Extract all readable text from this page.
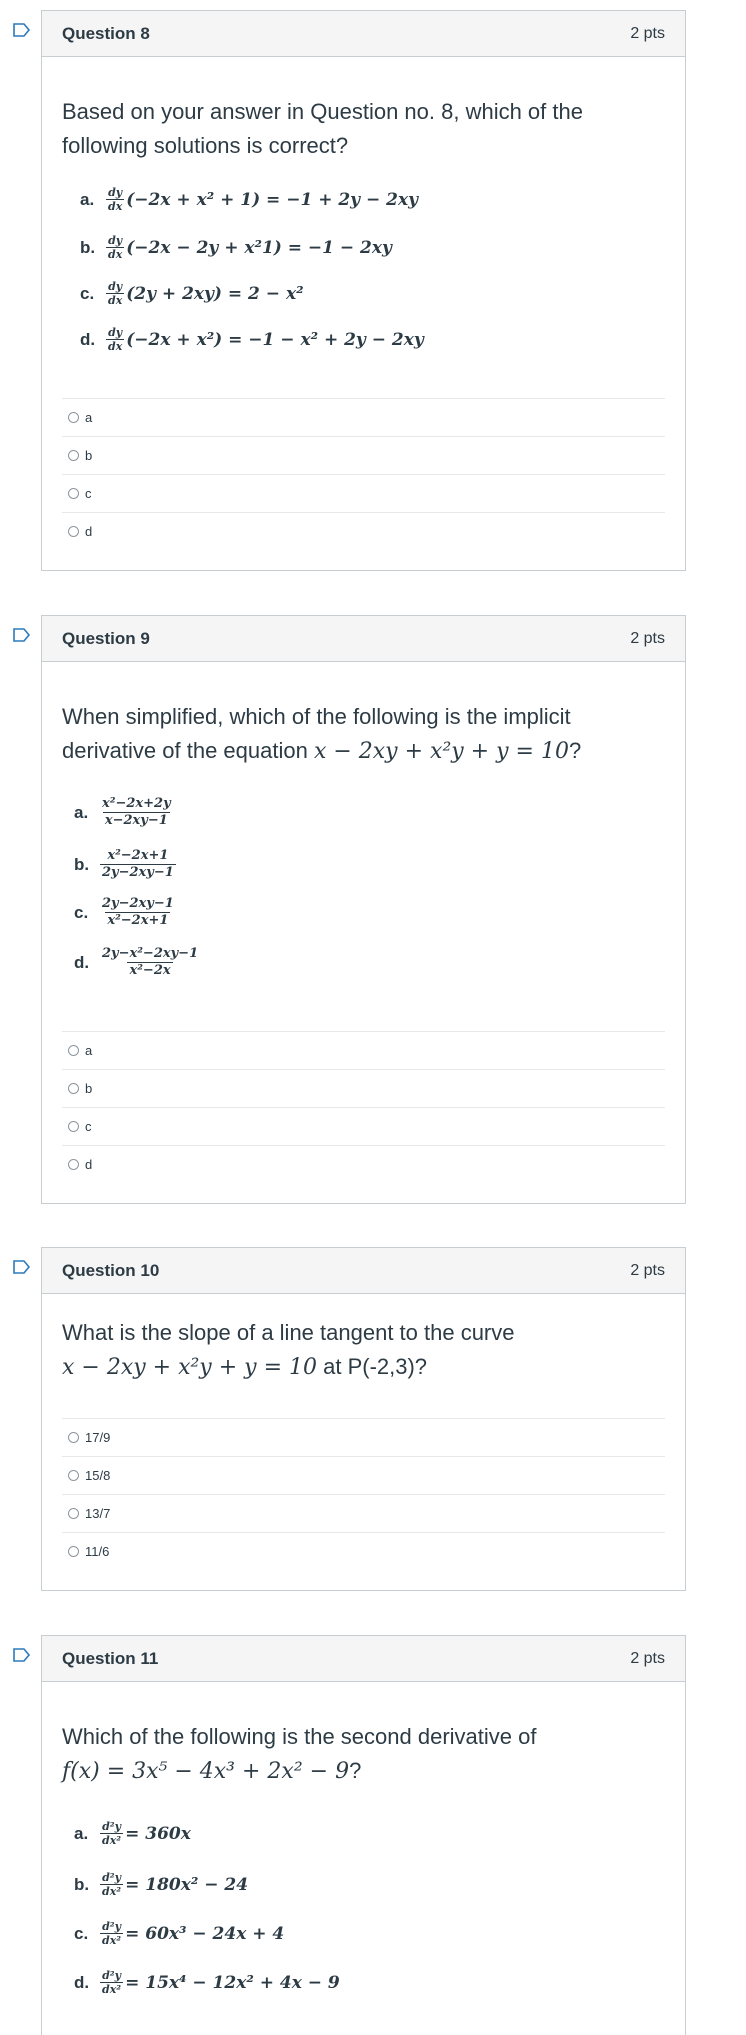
Question 8	2 pts
Based on your answer in Question no. 8, which of the
following solutions is correct?
a.	$\frac{dy}{dx} (-2x + x^2 + 1) = -1 + 2y - 2xy$
b. $\frac{dy}{dx} (-2x - 2y + x^21) = -1 - 2xy$
c.	$\frac{dy}{dx} (2y + 2xy) = 2 - x^2$
d. $\frac{dy}{dx} (-2x + x^2) = -1 - x^2 + 2y - 2xy$
a
b
c
d
Question 9	2 pts
When simplified, which of the following is the implicit
derivative of the equation x − 2xy + x²y + y = 10?
a. $\frac{\text{x²−2x+2y}}{x-2xy-1}$
b. $\frac{\text{x²−2x+1}}{2y-2xy-1}$
c. $\frac{2y-2xy-1}{\text{x²−2x+1}}$
d. $\frac{\text{2y−x²−2xy−1}}{\text{x²−2x}}$
a
b
c
d
Question 10	2 pts
What is the slope of a line tangent to the curve
x − 2xy + x²y + y = 10 at P(-2,3)?
17/9
15/8
13/7
11/6
Question 11	2 pts
Which of the following is the second derivative of
f(x) = 3x⁵ − 4x³ + 2x² − 9?
a.	$\frac{\text{d²y}}{\text{dx²}} = 360x$
b. $\frac{\text{d²y}}{\text{dx²}} = 180x^2 - 24$
c.	$\frac{\text{d²y}}{\text{dx²}} = 60x^3 - 24x + 4$
d. $\frac{\text{d²y}}{\text{dx²}} = 15x^4 - 12x^2 + 4x - 9$
